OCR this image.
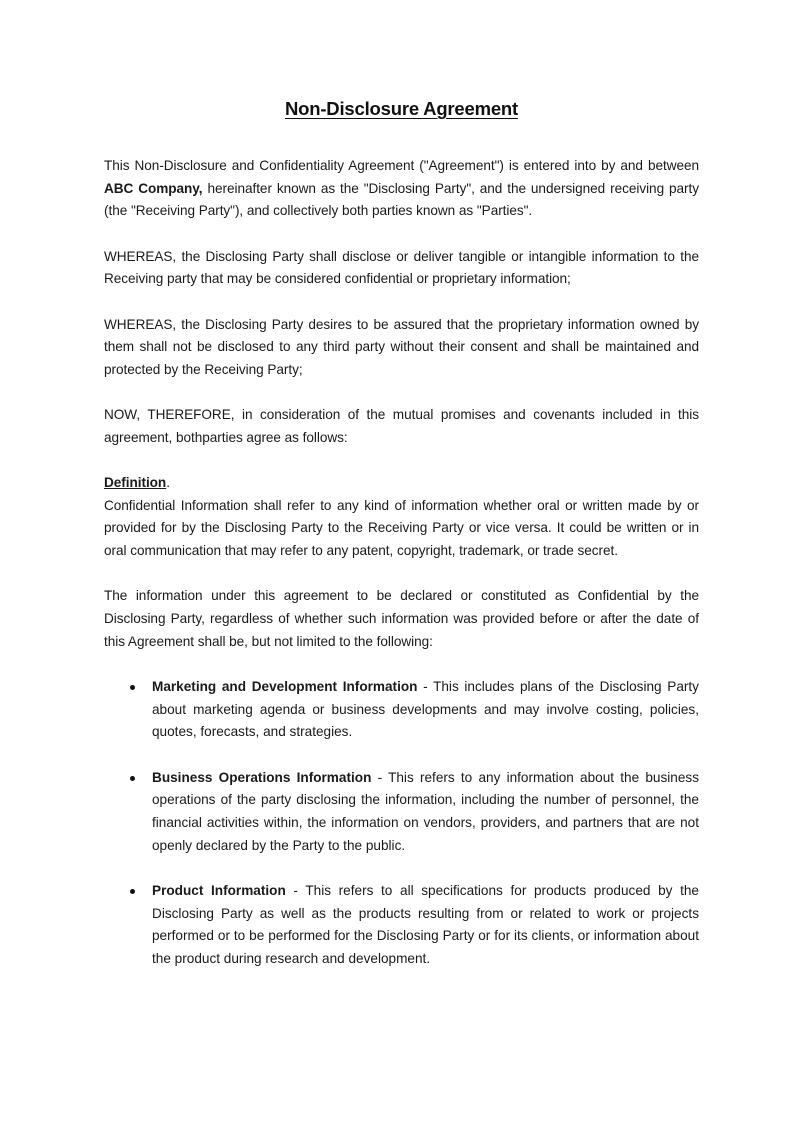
Non-Disclosure Agreement

This Non-Disclosure and Confidentiality Agreement ("Agreement") is entered into by and between ABC Company, hereinafter known as the "Disclosing Party", and the undersigned receiving party (the "Receiving Party"), and collectively both parties known as "Parties".

WHEREAS, the Disclosing Party shall disclose or deliver tangible or intangible information to the Receiving party that may be considered confidential or proprietary information;

WHEREAS, the Disclosing Party desires to be assured that the proprietary information owned by them shall not be disclosed to any third party without their consent and shall be maintained and protected by the Receiving Party;

NOW, THEREFORE, in consideration of the mutual promises and covenants included in this agreement, bothparties agree as follows:

Definition.

Confidential Information shall refer to any kind of information whether oral or written made by or provided for by the Disclosing Party to the Receiving Party or vice versa. It could be written or in oral communication that may refer to any patent, copyright, trademark, or trade secret.

The information under this agreement to be declared or constituted as Confidential by the Disclosing Party, regardless of whether such information was provided before or after the date of this Agreement shall be, but not limited to the following:

Marketing and Development Information - This includes plans of the Disclosing Party about marketing agenda or business developments and may involve costing, policies, quotes, forecasts, and strategies.
Business Operations Information - This refers to any information about the business operations of the party disclosing the information, including the number of personnel, the financial activities within, the information on vendors, providers, and partners that are not openly declared by the Party to the public.
Product Information - This refers to all specifications for products produced by the Disclosing Party as well as the products resulting from or related to work or projects performed or to be performed for the Disclosing Party or for its clients, or information about the product during research and development.
